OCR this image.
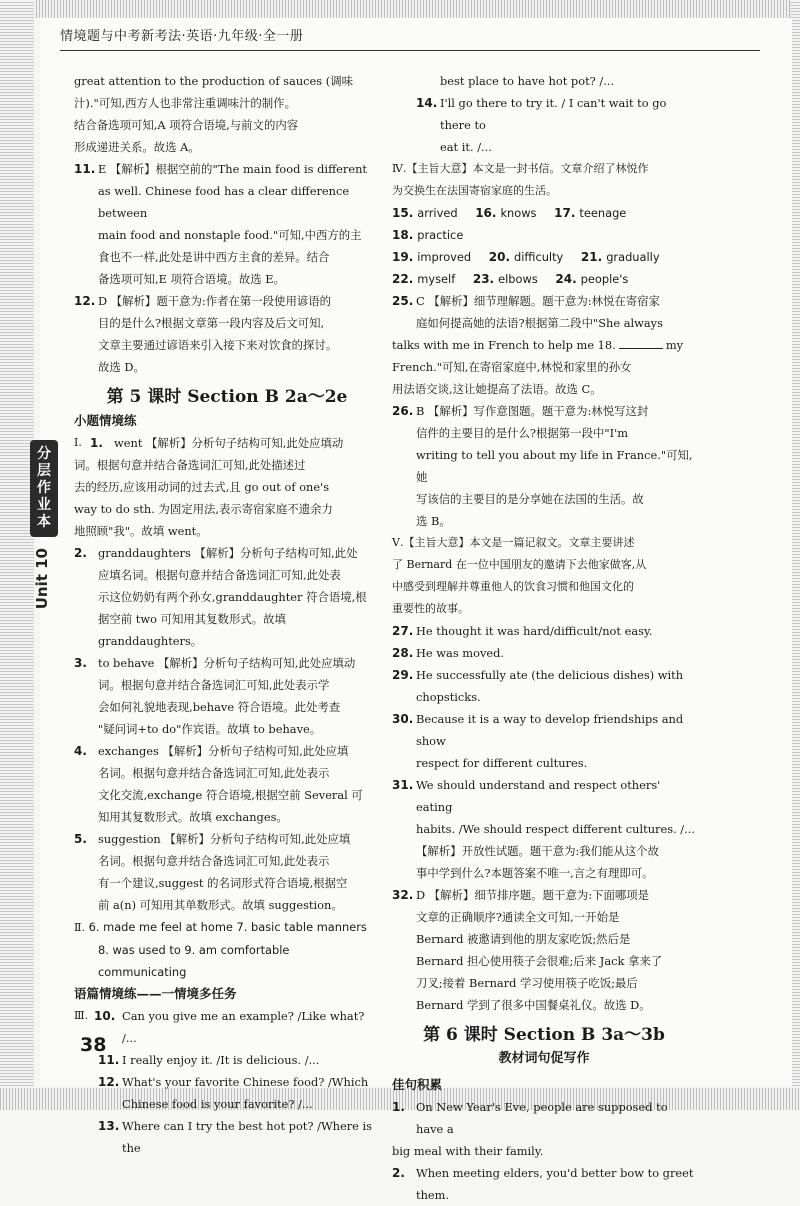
情境题与中考新考法·英语·九年级·全一册
分层作业本
Unit 10
great attention to the production of sauces (调味
汁)."可知,西方人也非常注重调味汁的制作。
结合备选项可知,A 项符合语境,与前文的内容
形成递进关系。故选 A。
11. E 【解析】根据空前的"The main food is different
as well. Chinese food has a clear difference between
main food and nonstaple food."可知,中西方的主
食也不一样,此处是讲中西方主食的差异。结合
备选项可知,E 项符合语境。故选 E。
12. D 【解析】题干意为:作者在第一段使用谚语的
目的是什么?根据文章第一段内容及后文可知,
文章主要通过谚语来引入接下来对饮食的探讨。
故选 D。
第 5 课时 Section B 2a～2e
小题情境练
Ⅰ. 1. went 【解析】分析句子结构可知,此处应填动
词。根据句意并结合备选词汇可知,此处描述过
去的经历,应该用动词的过去式,且 go out of one's
way to do sth. 为固定用法,表示寄宿家庭不遗余力
地照顾"我"。故填 went。
2. granddaughters 【解析】分析句子结构可知,此处
应填名词。根据句意并结合备选词汇可知,此处表
示这位奶奶有两个孙女,granddaughter 符合语境,根
据空前 two 可知用其复数形式。故填 granddaughters。
3. to behave 【解析】分析句子结构可知,此处应填动
词。根据句意并结合备选词汇可知,此处表示学
会如何礼貌地表现,behave 符合语境。此处考查
"疑问词+to do"作宾语。故填 to behave。
4. exchanges 【解析】分析句子结构可知,此处应填
名词。根据句意并结合备选词汇可知,此处表示
文化交流,exchange 符合语境,根据空前 Several 可
知用其复数形式。故填 exchanges。
5. suggestion 【解析】分析句子结构可知,此处应填
名词。根据句意并结合备选词汇可知,此处表示
有一个建议,suggest 的名词形式符合语境,根据空
前 a(n) 可知用其单数形式。故填 suggestion。
Ⅱ. 6. made me feel at home 7. basic table manners
8. was used to 9. am comfortable communicating
语篇情境练——一情境多任务
Ⅲ. 10. Can you give me an example? /Like what? /...
11. I really enjoy it. /It is delicious. /...
12. What's your favorite Chinese food? /Which
Chinese food is your favorite? /...
13. Where can I try the best hot pot? /Where is the
best place to have hot pot? /...
14. I'll go there to try it. / I can't wait to go there to
eat it. /...
Ⅳ.【主旨大意】本文是一封书信。文章介绍了林悦作
为交换生在法国寄宿家庭的生活。
15. arrived 16. knows 17. teenage 18. practice
19. improved 20. difficulty 21. gradually
22. myself 23. elbows 24. people's
25. C 【解析】细节理解题。题干意为:林悦在寄宿家
庭如何提高她的法语?根据第二段中"She always
talks with me in French to help me 18.	my
French."可知,在寄宿家庭中,林悦和家里的孙女
用法语交谈,这让她提高了法语。故选 C。
26. B 【解析】写作意图题。题干意为:林悦写这封
信件的主要目的是什么?根据第一段中"I'm
writing to tell you about my life in France."可知,她
写该信的主要目的是分享她在法国的生活。故
选 B。
Ⅴ.【主旨大意】本文是一篇记叙文。文章主要讲述
了 Bernard 在一位中国朋友的邀请下去他家做客,从
中感受到理解并尊重他人的饮食习惯和他国文化的
重要性的故事。
27. He thought it was hard/difficult/not easy.
28. He was moved.
29. He successfully ate (the delicious dishes) with
chopsticks.
30. Because it is a way to develop friendships and show
respect for different cultures.
31. We should understand and respect others' eating
habits. /We should respect different cultures. /...
【解析】开放性试题。题干意为:我们能从这个故
事中学到什么?本题答案不唯一,言之有理即可。
32. D 【解析】细节排序题。题干意为:下面哪项是
文章的正确顺序?通读全文可知,一开始是
Bernard 被邀请到他的朋友家吃饭;然后是
Bernard 担心使用筷子会很难;后来 Jack 拿来了
刀叉;接着 Bernard 学习使用筷子吃饭;最后
Bernard 学到了很多中国餐桌礼仪。故选 D。
第 6 课时 Section B 3a～3b
教材词句促写作
佳句积累
1. On New Year's Eve, people are supposed to have a
big meal with their family.
2. When meeting elders, you'd better bow to greet them.
38
